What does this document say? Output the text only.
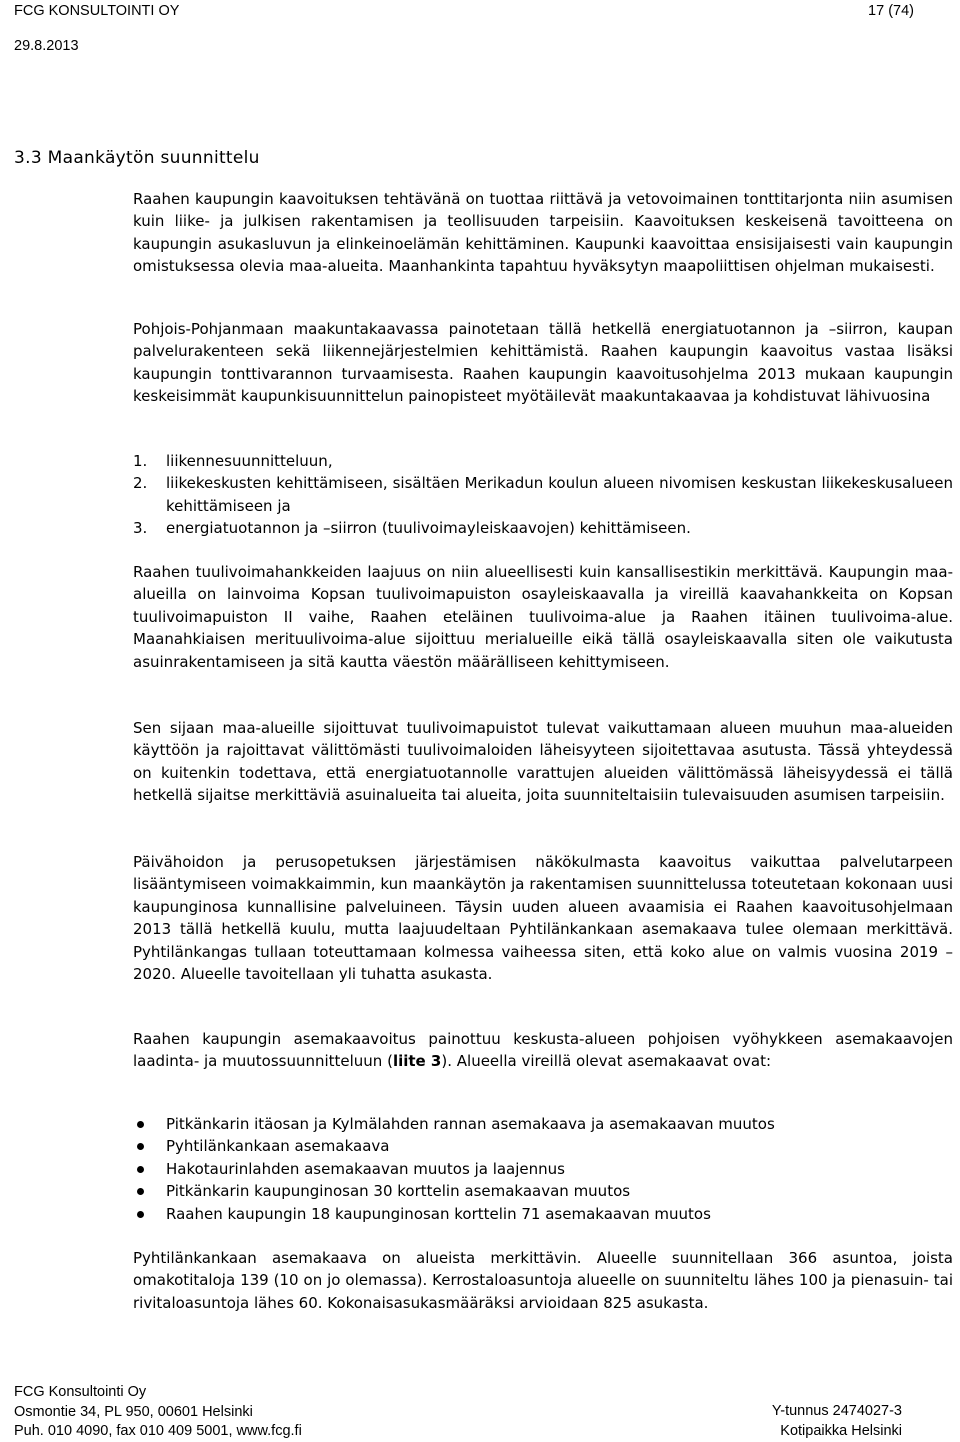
FCG KONSULTOINTI OY
29.8.2013
17 (74)
3.3 Maankäytön suunnittelu

Raahen kaupungin kaavoituksen tehtävänä on tuottaa riittävä ja vetovoimainen tonttitarjonta niin asumisen kuin liike- ja julkisen rakentamisen ja teollisuuden tarpeisiin. Kaavoituksen keskeisenä tavoitteena on kaupungin asukasluvun ja elinkeinoelämän kehittäminen. Kaupunki kaavoittaa ensisijaisesti vain kaupungin omistuksessa olevia maa-alueita. Maanhankinta tapahtuu hyväksytyn maapoliittisen ohjelman mukaisesti.

Pohjois-Pohjanmaan maakuntakaavassa painotetaan tällä hetkellä energiatuotannon ja –siirron, kaupan palvelurakenteen sekä liikennejärjestelmien kehittämistä. Raahen kaupungin kaavoitus vastaa lisäksi kaupungin tonttivarannon turvaamisesta. Raahen kaupungin kaavoitusohjelma 2013 mukaan kaupungin keskeisimmät kaupunkisuunnittelun painopisteet myötäilevät maakuntakaavaa ja kohdistuvat lähivuosina

1. liikennesuunnitteluun,
2. liikekeskusten kehittämiseen, sisältäen Merikadun koulun alueen nivomisen keskustan liikekeskusalueen kehittämiseen ja
3. energiatuotannon ja –siirron (tuulivoimayleiskaavojen) kehittämiseen.

Raahen tuulivoimahankkeiden laajuus on niin alueellisesti kuin kansallisestikin merkittävä. Kaupungin maa-alueilla on lainvoima Kopsan tuulivoimapuiston osayleiskaavalla ja vireillä kaavahankkeita on Kopsan tuulivoimapuiston II vaihe, Raahen eteläinen tuulivoima-alue ja Raahen itäinen tuulivoima-alue. Maanahkiaisen merituulivoima-alue sijoittuu merialueille eikä tällä osayleiskaavalla siten ole vaikutusta asuinrakentamiseen ja sitä kautta väestön määrälliseen kehittymiseen.

Sen sijaan maa-alueille sijoittuvat tuulivoimapuistot tulevat vaikuttamaan alueen muuhun maa-alueiden käyttöön ja rajoittavat välittömästi tuulivoimaloiden läheisyyteen sijoitettavaa asutusta. Tässä yhteydessä on kuitenkin todettava, että energiatuotannolle varattujen alueiden välittömässä läheisyydessä ei tällä hetkellä sijaitse merkittäviä asuinalueita tai alueita, joita suunniteltaisiin tulevaisuuden asumisen tarpeisiin.

Päivähoidon ja perusopetuksen järjestämisen näkökulmasta kaavoitus vaikuttaa palvelutarpeen lisääntymiseen voimakkaimmin, kun maankäytön ja rakentamisen suunnittelussa toteutetaan kokonaan uusi kaupunginosa kunnallisine palveluineen. Täysin uuden alueen avaamisia ei Raahen kaavoitusohjelmaan 2013 tällä hetkellä kuulu, mutta laajuudeltaan Pyhtilänkankaan asemakaava tulee olemaan merkittävä. Pyhtilänkangas tullaan toteuttamaan kolmessa vaiheessa siten, että koko alue on valmis vuosina 2019 – 2020. Alueelle tavoitellaan yli tuhatta asukasta.

Raahen kaupungin asemakaavoitus painottuu keskusta-alueen pohjoisen vyöhykkeen asemakaavojen laadinta- ja muutossuunnitteluun (liite 3). Alueella vireillä olevat asemakaavat ovat:

Pitkänkarin itäosan ja Kylmälahden rannan asemakaava ja asemakaavan muutos
Pyhtilänkankaan asemakaava
Hakotaurinlahden asemakaavan muutos ja laajennus
Pitkänkarin kaupunginosan 30 korttelin asemakaavan muutos
Raahen kaupungin 18 kaupunginosan korttelin 71 asemakaavan muutos

Pyhtilänkankaan asemakaava on alueista merkittävin. Alueelle suunnitellaan 366 asuntoa, joista omakotitaloja 139 (10 on jo olemassa). Kerrostaloasuntoja alueelle on suunniteltu lähes 100 ja pienasuin- tai rivitaloasuntoja lähes 60. Kokonaisasukasmääräksi arvioidaan 825 asukasta.

FCG Konsultointi Oy
Osmontie 34, PL 950, 00601 Helsinki
Puh. 010 4090, fax 010 409 5001, www.fcg.fi
Y-tunnus 2474027-3
Kotipaikka Helsinki
